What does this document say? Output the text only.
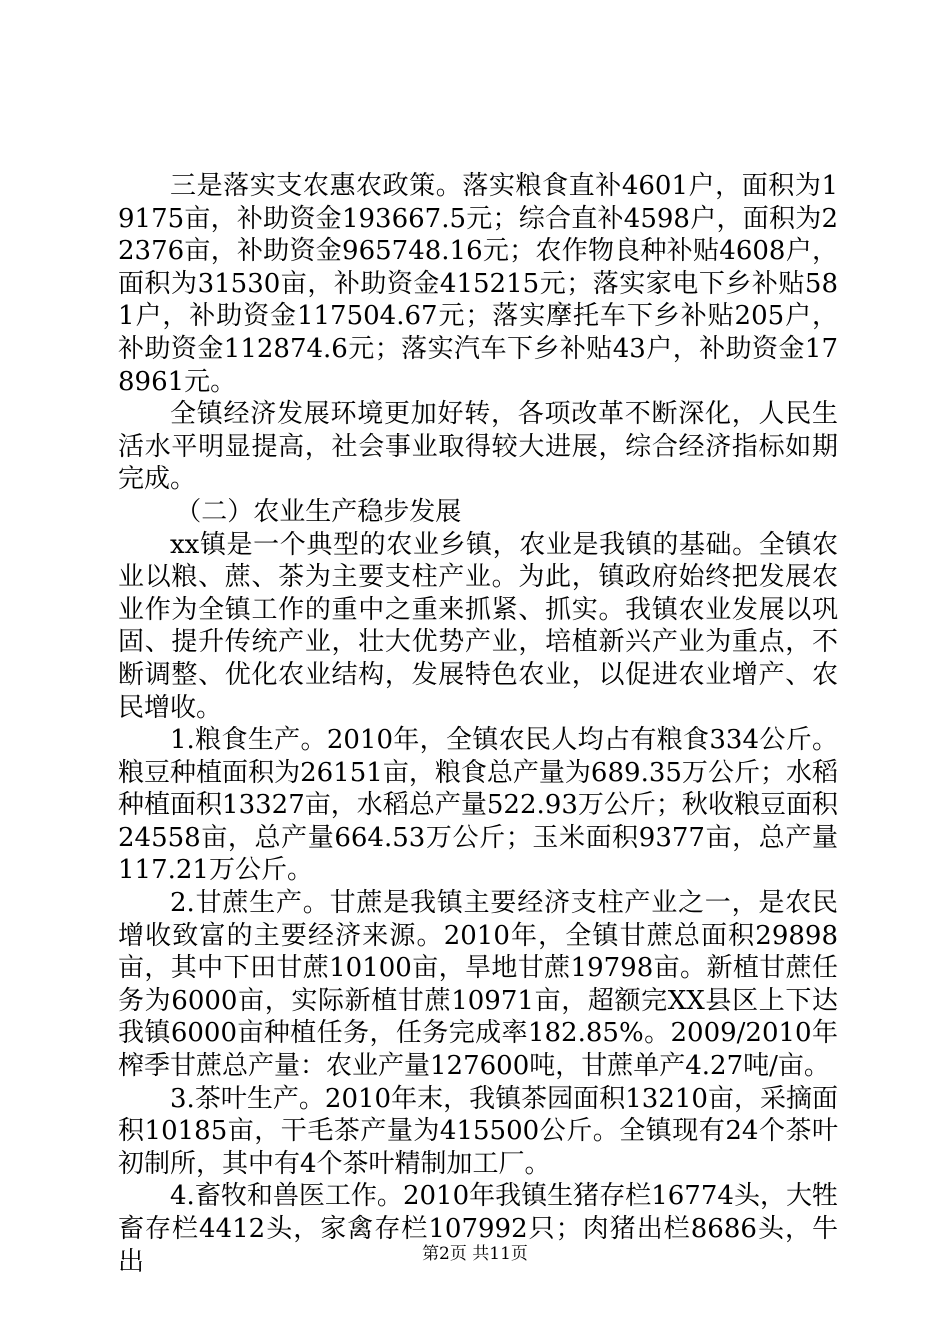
三是落实支农惠农政策。落实粮食直补4601户，面积为19175亩，补助资金193667.5元；综合直补4598户，面积为22376亩，补助资金965748.16元；农作物良种补贴4608户，面积为31530亩，补助资金415215元；落实家电下乡补贴581户，补助资金117504.67元；落实摩托车下乡补贴205户，补助资金112874.6元；落实汽车下乡补贴43户，补助资金178961元。

全镇经济发展环境更加好转，各项改革不断深化，人民生活水平明显提高，社会事业取得较大进展，综合经济指标如期完成。

（二）农业生产稳步发展

xx镇是一个典型的农业乡镇，农业是我镇的基础。全镇农业以粮、蔗、茶为主要支柱产业。为此，镇政府始终把发展农业作为全镇工作的重中之重来抓紧、抓实。我镇农业发展以巩固、提升传统产业，壮大优势产业，培植新兴产业为重点，不断调整、优化农业结构，发展特色农业，以促进农业增产、农民增收。

1.粮食生产。2010年，全镇农民人均占有粮食334公斤。粮豆种植面积为26151亩，粮食总产量为689.35万公斤；水稻种植面积13327亩，水稻总产量522.93万公斤；秋收粮豆面积24558亩，总产量664.53万公斤；玉米面积9377亩，总产量117.21万公斤。

2.甘蔗生产。甘蔗是我镇主要经济支柱产业之一，是农民增收致富的主要经济来源。2010年，全镇甘蔗总面积29898亩，其中下田甘蔗10100亩，旱地甘蔗19798亩。新植甘蔗任务为6000亩，实际新植甘蔗10971亩，超额完XX县区上下达我镇6000亩种植任务，任务完成率182.85%。2009/2010年榨季甘蔗总产量：农业产量127600吨，甘蔗单产4.27吨/亩。

3.茶叶生产。2010年末，我镇茶园面积13210亩，采摘面积10185亩，干毛茶产量为415500公斤。全镇现有24个茶叶初制所，其中有4个茶叶精制加工厂。

4.畜牧和兽医工作。2010年我镇生猪存栏16774头，大牲畜存栏4412头，家禽存栏107992只；肉猪出栏8686头，牛出	第2页 共11页
